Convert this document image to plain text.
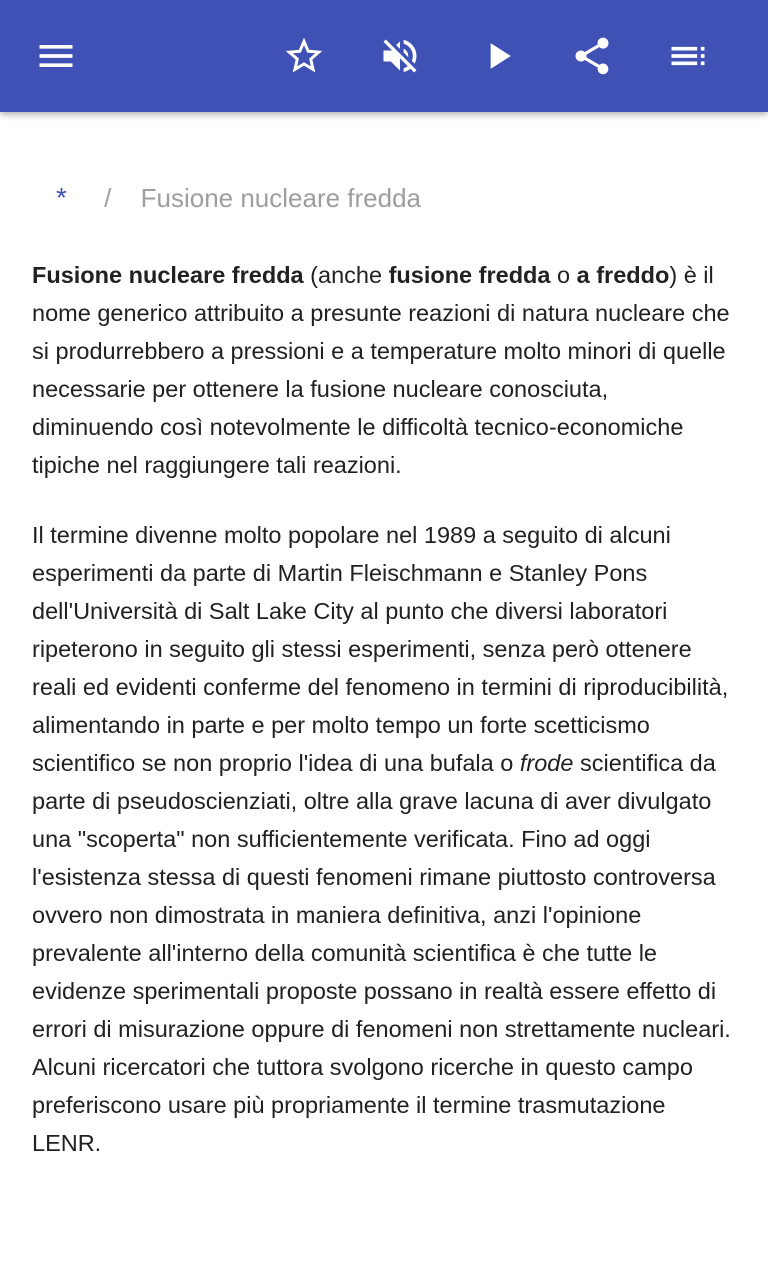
* / Fusione nucleare fredda

Fusione nucleare fredda (anche fusione fredda o a freddo) è il nome generico attribuito a presunte reazioni di natura nucleare che si produrrebbero a pressioni e a temperature molto minori di quelle necessarie per ottenere la fusione nucleare conosciuta, diminuendo così notevolmente le difficoltà tecnico-economiche tipiche nel raggiungere tali reazioni.

Il termine divenne molto popolare nel 1989 a seguito di alcuni esperimenti da parte di Martin Fleischmann e Stanley Pons dell'Università di Salt Lake City al punto che diversi laboratori ripeterono in seguito gli stessi esperimenti, senza però ottenere reali ed evidenti conferme del fenomeno in termini di riproducibilità, alimentando in parte e per molto tempo un forte scetticismo scientifico se non proprio l'idea di una bufala o frode scientifica da parte di pseudoscienziati, oltre alla grave lacuna di aver divulgato una "scoperta" non sufficientemente verificata. Fino ad oggi l'esistenza stessa di questi fenomeni rimane piuttosto controversa ovvero non dimostrata in maniera definitiva, anzi l'opinione prevalente all'interno della comunità scientifica è che tutte le evidenze sperimentali proposte possano in realtà essere effetto di errori di misurazione oppure di fenomeni non strettamente nucleari. Alcuni ricercatori che tuttora svolgono ricerche in questo campo preferiscono usare più propriamente il termine trasmutazione LENR.
